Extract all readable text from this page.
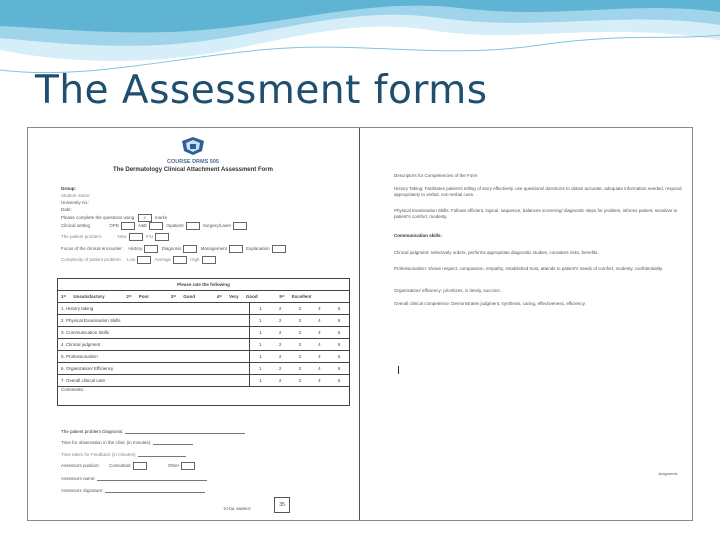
The Assessment forms
COURSE DRMS 505
The Dermatology Clinical Attachment Assessment Form
Group:
Student name:
University no.:
Date:
Please complete the questions using 4 marks
Clinical setting	OPD	A&E	Inpatient	Surgery/Laser
The patient problem:	New	F/U
Focus of the clinical encounter: History	Diagnosis	Management	Explanation
Complexity of patient problem: Low	Average	High
Please rate the following					
1= Unsatisfactory 2= Poor 3= Good 4= Very Good 5= Excellent					
1. History taking	1	2	3	4	5
2. Physical Examination Skills	1	2	3	4	5
3. Communication Skills	1	2	3	4	5
4. Clinical judgment	1	2	3	4	5
5. Professionalism	1	2	3	4	5
6. Organization/ Efficiency	1	2	3	4	5
7. Overall clinical care	1	2	3	4	5
Comments:					
The patient problem Diagnosis:
Time for observation in the clinic (in minutes):
Time taken for Feedback (in minutes):
Assessors position: Consultant	Other
Assessors name:
Assessors Signature:
TOTAL MARKS
35
Descriptors for Competencies of the Form
History Taking: Facilitates patient's telling of story effectively, use questions/ directions to obtain accurate, adequate information needed, respond appropriately to verbal, non-verbal cues.
Physical Examination Skills: Follows efficient, logical, sequence, balances screening/ diagnostic steps for problem, informs patient, sensitive to patient's comfort, modesty.
Communication skills:
Clinical judgment: selectively orders, performs appropriate diagnostic studies, considers risks, benefits.
Professionalism: shows respect, compassion, empathy, established trust, attends to patient's needs of comfort, modesty, confidentiality.
Organization/ efficiency: prioritizes, is timely, succinct.
Overall clinical competence: Demonstrates judgment, synthesis, caring, effectiveness, efficiency.
Judgments
